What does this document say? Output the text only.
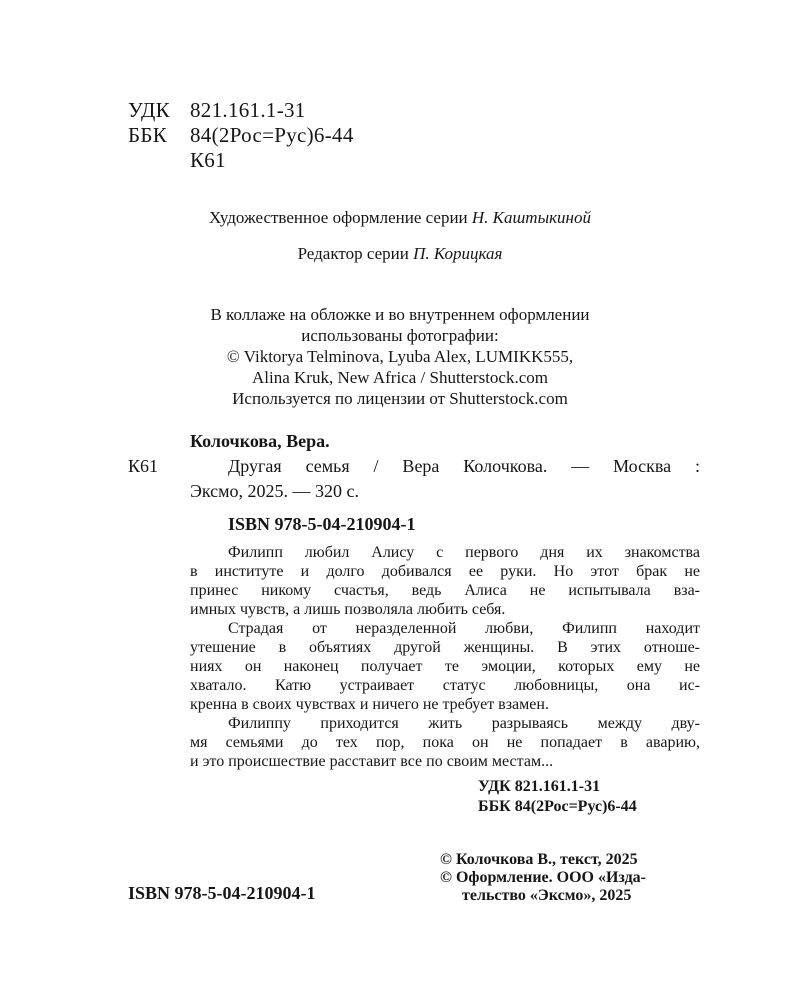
УДК 821.161.1-31
ББК 84(2Рос=Рус)6-44
К61
Художественное оформление серии Н. Каштыкиной
Редактор серии П. Корицкая
В коллаже на обложке и во внутреннем оформлении
использованы фотографии:
© Viktorya Telminova, Lyuba Alex, LUMIKK555,
Alina Kruk, New Africa / Shutterstock.com
Используется по лицензии от Shutterstock.com
Колочкова, Вера.
К61	Другая семья / Вера Колочкова. — Москва :
Эксмо, 2025. — 320 с.
ISBN 978-5-04-210904-1
Филипп любил Алису с первого дня их знакомства
в институте и долго добивался ее руки. Но этот брак не
принес никому счастья, ведь Алиса не испытывала вза-
имных чувств, а лишь позволяла любить себя.
Страдая от неразделенной любви, Филипп находит
утешение в объятиях другой женщины. В этих отноше-
ниях он наконец получает те эмоции, которых ему не
хватало. Катю устраивает статус любовницы, она ис-
кренна в своих чувствах и ничего не требует взамен.
Филиппу приходится жить разрываясь между дву-
мя семьями до тех пор, пока он не попадает в аварию,
и это происшествие расставит все по своим местам...
УДК 821.161.1-31
ББК 84(2Рос=Рус)6-44
© Колочкова В., текст, 2025
© Оформление. ООО «Изда-
тельство «Эксмо», 2025
ISBN 978-5-04-210904-1
